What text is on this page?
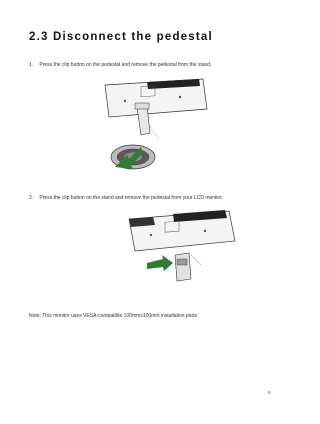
2.3 Disconnect the pedestal
1. Press the clip button on the pedestal and remove the pedestal from the stand.
2. Press the clip button on the stand and remove the pedestal from your LCD monitor.
Note: This monitor uses VESA-compatible 100mmx100mm installation ports.
5
